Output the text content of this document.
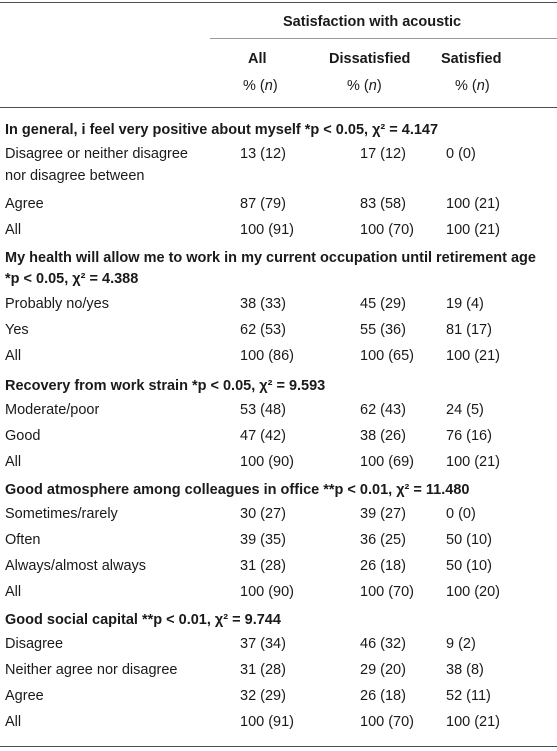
Satisfaction with acoustic
All	Dissatisfied Satisfied
% (n)	% (n)	% (n)
In general, i feel very positive about myself *p < 0.05, χ² = 4.147
Disagree or neither disagree	13 (12)	17 (12)	0 (0)
nor disagree between
Agree	87 (79)	83 (58)	100 (21)
All	100 (91)	100 (70) 100 (21)
My health will allow me to work in my current occupation until retirement age *p < 0.05, χ² = 4.388
Probably no/yes	38 (33)	45 (29)	19 (4)
Yes	62 (53)	55 (36)	81 (17)
All	100 (86)	100 (65) 100 (21)
Recovery from work strain *p < 0.05, χ² = 9.593
Moderate/poor	53 (48)	62 (43)	24 (5)
Good	47 (42)	38 (26)	76 (16)
All	100 (90)	100 (69) 100 (21)
Good atmosphere among colleagues in office **p < 0.01, χ² = 11.480
Sometimes/rarely	30 (27)	39 (27)	0 (0)
Often	39 (35)	36 (25)	50 (10)
Always/almost always	31 (28)	26 (18)	50 (10)
All	100 (90)	100 (70) 100 (20)
Good social capital **p < 0.01, χ² = 9.744
Disagree	37 (34)	46 (32)	9 (2)
Neither agree nor disagree	31 (28)	29 (20)	38 (8)
Agree	32 (29)	26 (18)	52 (11)
All	100 (91)	100 (70) 100 (21)
